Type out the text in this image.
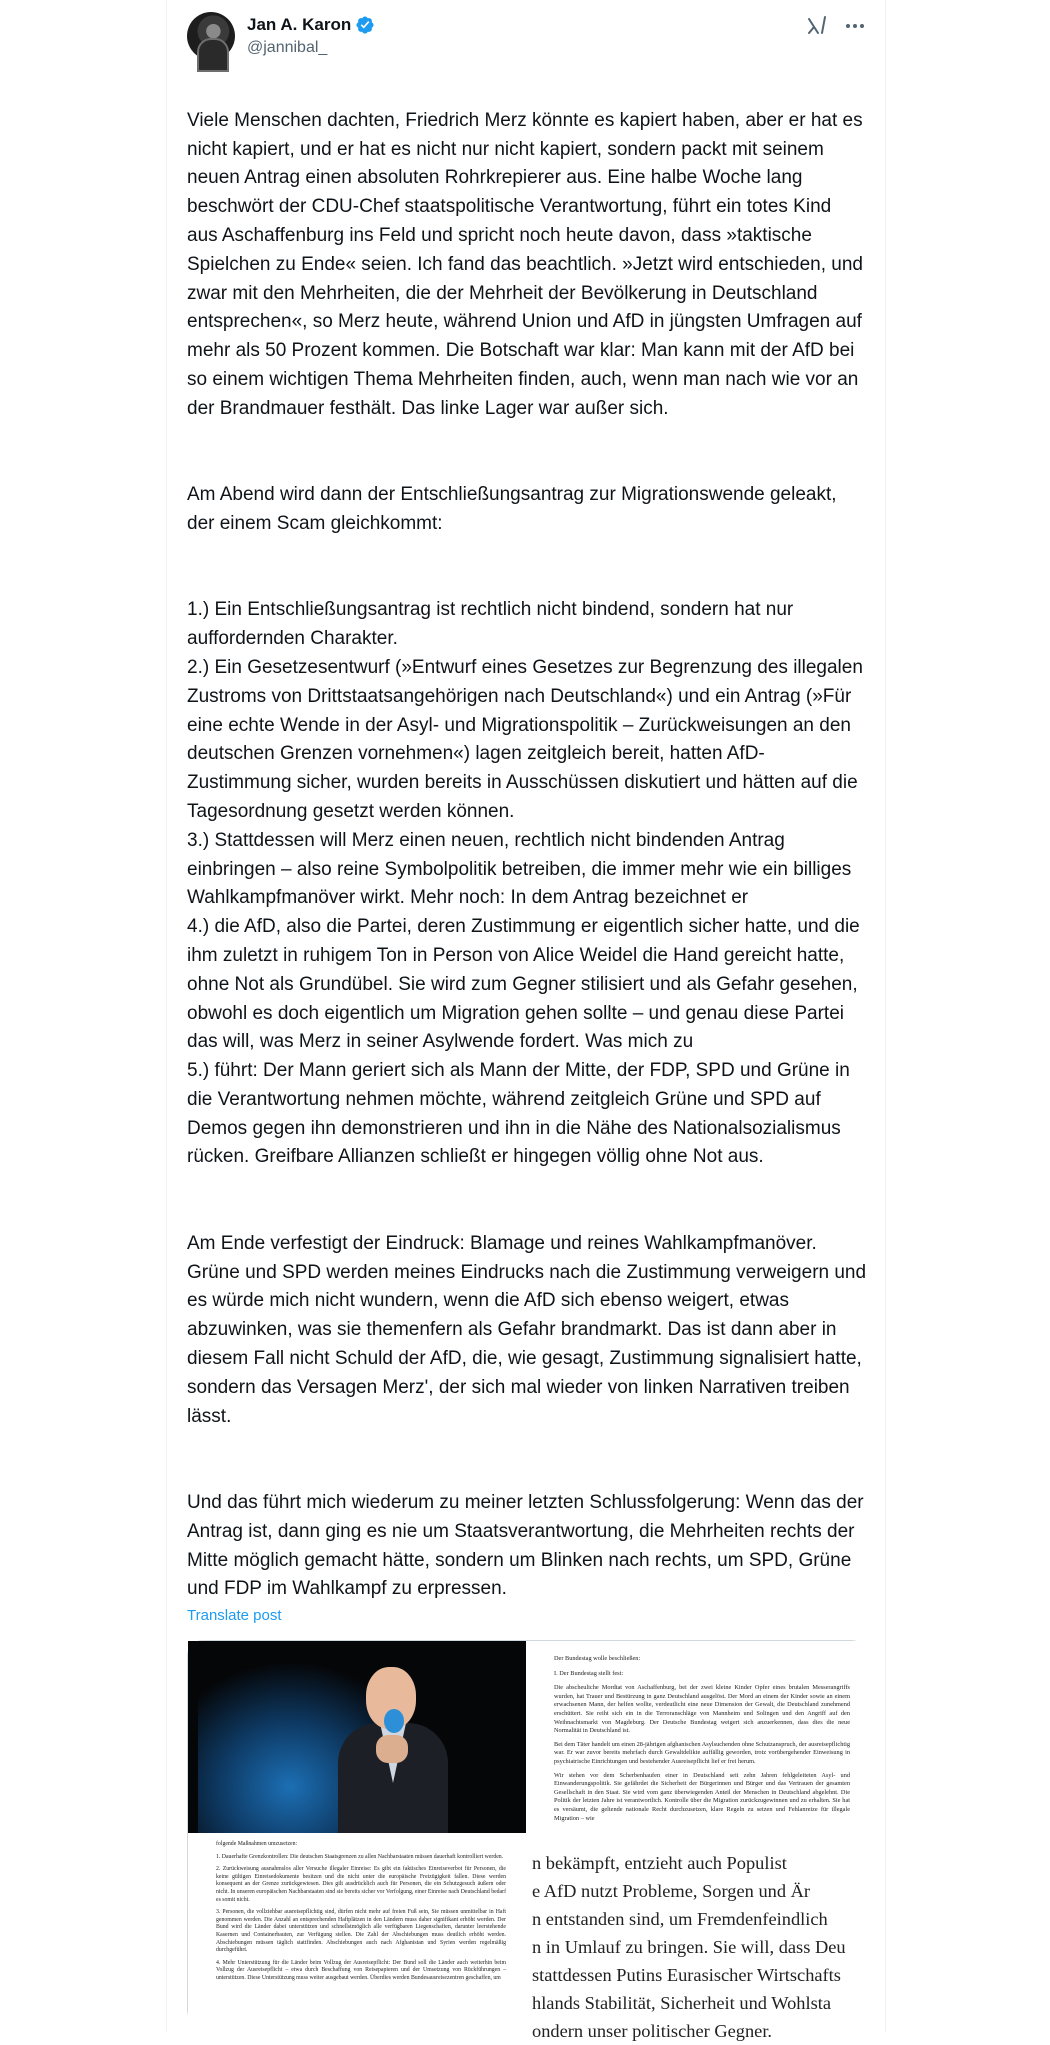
Jan A. Karon
@jannibal_

Viele Menschen dachten, Friedrich Merz könnte es kapiert haben, aber er hat es nicht kapiert, und er hat es nicht nur nicht kapiert, sondern packt mit seinem neuen Antrag einen absoluten Rohrkrepierer aus. Eine halbe Woche lang beschwört der CDU-Chef staatspolitische Verantwortung, führt ein totes Kind aus Aschaffenburg ins Feld und spricht noch heute davon, dass »taktische Spielchen zu Ende« seien. Ich fand das beachtlich. »Jetzt wird entschieden, und zwar mit den Mehrheiten, die der Mehrheit der Bevölkerung in Deutschland entsprechen«, so Merz heute, während Union und AfD in jüngsten Umfragen auf mehr als 50 Prozent kommen. Die Botschaft war klar: Man kann mit der AfD bei so einem wichtigen Thema Mehrheiten finden, auch, wenn man nach wie vor an der Brandmauer festhält. Das linke Lager war außer sich.

Am Abend wird dann der Entschließungsantrag zur Migrationswende geleakt, der einem Scam gleichkommt:

1.) Ein Entschließungsantrag ist rechtlich nicht bindend, sondern hat nur auffordernden Charakter.
2.) Ein Gesetzesentwurf (»Entwurf eines Gesetzes zur Begrenzung des illegalen Zustroms von Drittstaatsangehörigen nach Deutschland«) und ein Antrag (»Für eine echte Wende in der Asyl- und Migrationspolitik – Zurückweisungen an den deutschen Grenzen vornehmen«) lagen zeitgleich bereit, hatten AfD-Zustimmung sicher, wurden bereits in Ausschüssen diskutiert und hätten auf die Tagesordnung gesetzt werden können.
3.) Stattdessen will Merz einen neuen, rechtlich nicht bindenden Antrag einbringen – also reine Symbolpolitik betreiben, die immer mehr wie ein billiges Wahlkampfmanöver wirkt. Mehr noch: In dem Antrag bezeichnet er
4.) die AfD, also die Partei, deren Zustimmung er eigentlich sicher hatte, und die ihm zuletzt in ruhigem Ton in Person von Alice Weidel die Hand gereicht hatte, ohne Not als Grundübel. Sie wird zum Gegner stilisiert und als Gefahr gesehen, obwohl es doch eigentlich um Migration gehen sollte – und genau diese Partei das will, was Merz in seiner Asylwende fordert. Was mich zu
5.) führt: Der Mann geriert sich als Mann der Mitte, der FDP, SPD und Grüne in die Verantwortung nehmen möchte, während zeitgleich Grüne und SPD auf Demos gegen ihn demonstrieren und ihn in die Nähe des Nationalsozialismus rücken. Greifbare Allianzen schließt er hingegen völlig ohne Not aus.

Am Ende verfestigt der Eindruck: Blamage und reines Wahlkampfmanöver. Grüne und SPD werden meines Eindrucks nach die Zustimmung verweigern und es würde mich nicht wundern, wenn die AfD sich ebenso weigert, etwas abzuwinken, was sie themenfern als Gefahr brandmarkt. Das ist dann aber in diesem Fall nicht Schuld der AfD, die, wie gesagt, Zustimmung signalisiert hatte, sondern das Versagen Merz', der sich mal wieder von linken Narrativen treiben lässt.

Und das führt mich wiederum zu meiner letzten Schlussfolgerung: Wenn das der Antrag ist, dann ging es nie um Staatsverantwortung, die Mehrheiten rechts der Mitte möglich gemacht hätte, sondern um Blinken nach rechts, um SPD, Grüne und FDP im Wahlkampf zu erpressen.

Translate post

Der Bundestag wolle beschließen:

I. Der Bundestag stellt fest:

Die abscheuliche Mordtat von Aschaffenburg, bei der zwei kleine Kinder Opfer eines brutalen Messerangriffs wurden, hat Trauer und Bestürzung in ganz Deutschland ausgelöst. Der Mord an einem der Kinder sowie an einem erwachsenen Mann, der helfen wollte, verdeutlicht eine neue Dimension der Gewalt, die Deutschland zunehmend erschüttert. Sie reiht sich ein in die Terroranschläge von Mannheim und Solingen und den Angriff auf den Weihnachtsmarkt von Magdeburg. Der Deutsche Bundestag weigert sich anzuerkennen, dass dies die neue Normalität in Deutschland ist.

Bei dem Täter handelt um einen 28-jährigen afghanischen Asylsuchenden ohne Schutzanspruch, der ausreisepflichtig war. Er war zuvor bereits mehrfach durch Gewaltdelikte auffällig geworden, trotz vorübergehender Einweisung in psychiatrische Einrichtungen und bestehender Ausreisepflicht lief er frei herum.

Wir stehen vor dem Scherbenhaufen einer in Deutschland seit zehn Jahren fehlgeleiteten Asyl- und Einwanderungspolitik. Sie gefährdet die Sicherheit der Bürgerinnen und Bürger und das Vertrauen der gesamten Gesellschaft in den Staat. Sie wird vom ganz überwiegenden Anteil der Menschen in Deutschland abgelehnt. Die Politik der letzten Jahre ist verantwortlich. Kontrolle über die Migration zurückzugewinnen und zu erhalten. Sie hat es versäumt, die geltende nationale Recht durchzusetzen, klare Regeln zu setzen und Fehlanreize für illegale Migration – wie

folgende Maßnahmen umzusetzen:

1. Dauerhafte Grenzkontrollen: Die deutschen Staatsgrenzen zu allen Nachbarstaaten müssen dauerhaft kontrolliert werden.

2. Zurückweisung ausnahmslos aller Versuche illegaler Einreise: Es gibt ein faktisches Einreiseverbot für Personen, die keine gültigen Einreisedokumente besitzen und die nicht unter die europäische Freizügigkeit fallen. Diese werden konsequent an der Grenze zurückgewiesen. Dies gilt ausdrücklich auch für Personen, die ein Schutzgesuch äußern oder nicht. In unseren europäischen Nachbarstaaten sind sie bereits sicher vor Verfolgung, einer Einreise nach Deutschland bedarf es somit nicht.

3. Personen, die vollziehbar ausreisepflichtig sind, dürfen nicht mehr auf freien Fuß sein, Sie müssen unmittelbar in Haft genommen werden. Die Anzahl an entsprechenden Haftplätzen in den Ländern muss daher signifikant erhöht werden. Der Bund wird die Länder dabei unterstützen und schnellstmöglich alle verfügbaren Liegenschaften, darunter leerstehende Kasernen und Containerbauten, zur Verfügung stellen. Die Zahl der Abschiebungen muss deutlich erhöht werden. Abschiebungen müssen täglich stattfinden. Abschiebungen auch nach Afghanistan und Syrien werden regelmäßig durchgeführt.

4. Mehr Unterstützung für die Länder beim Vollzug der Ausreisepflicht: Der Bund soll die Länder auch weiterhin beim Vollzug der Ausreisepflicht – etwa durch Beschaffung von Reisepapieren und der Umsetzung von Rückführungen – unterstützen. Diese Unterstützung muss weiter ausgebaut werden. Überdies werden Bundesausreisezentren geschaffen, um

n bekämpft, entzieht auch Populist

e AfD nutzt Probleme, Sorgen und Är

n entstanden sind, um Fremdenfeindlich

n in Umlauf zu bringen. Sie will, dass Deu

stattdessen Putins Eurasischer Wirtschafts

hlands Stabilität, Sicherheit und Wohlsta

ondern unser politischer Gegner.
